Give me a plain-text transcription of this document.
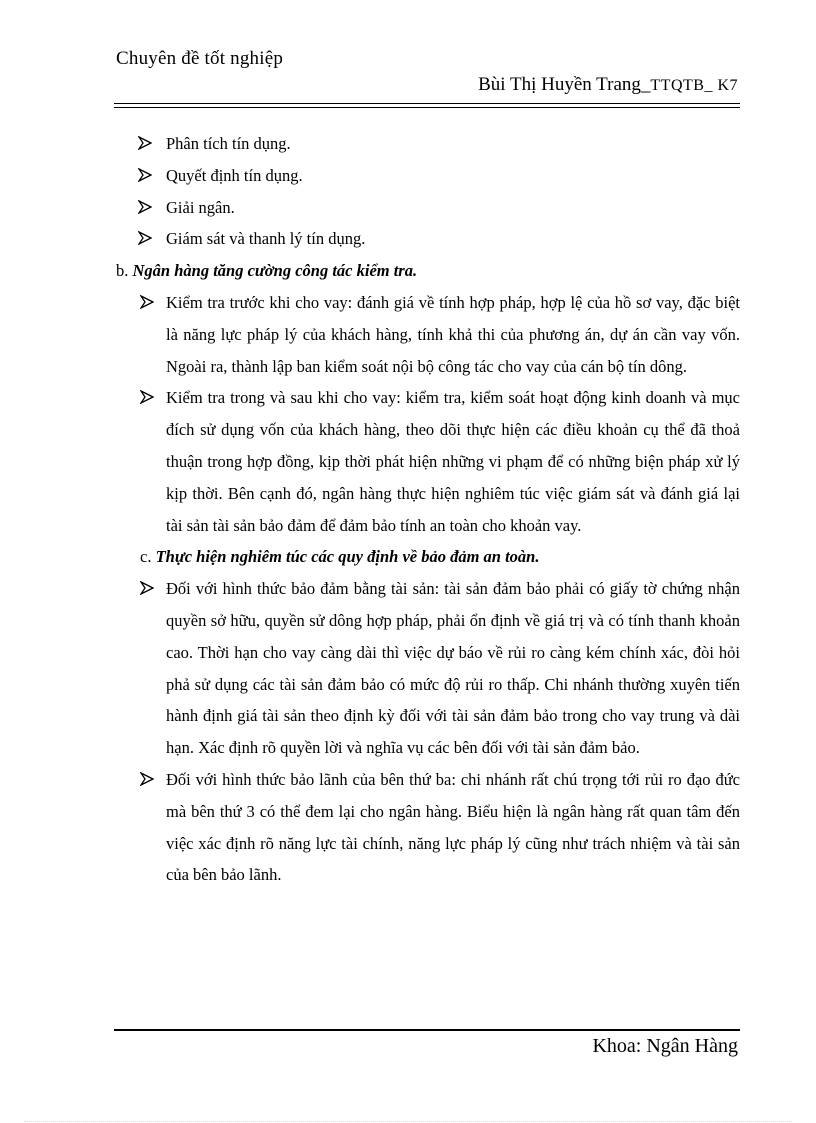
Chuyên đề tốt nghiệp
Bùi Thị Huyền Trang_TTQTB_ K7
Phân tích tín dụng.
Quyết định tín dụng.
Giải ngân.
Giám sát và thanh lý tín dụng.
b. Ngân hàng tăng cường công tác kiểm tra.
Kiểm tra trước khi cho vay: đánh giá về tính hợp pháp, hợp lệ của hồ sơ vay, đặc biệt là năng lực pháp lý của khách hàng, tính khả thi của phương án, dự án cần vay vốn. Ngoài ra, thành lập ban kiểm soát nội bộ công tác cho vay của cán bộ tín dông.
Kiểm tra trong và sau khi cho vay: kiểm tra, kiểm soát hoạt động kinh doanh và mục đích sử dụng vốn của khách hàng, theo dõi thực hiện các điều khoản cụ thể đã thoả thuận trong hợp đồng, kịp thời phát hiện những vi phạm để có những biện pháp xử lý kịp thời. Bên cạnh đó, ngân hàng thực hiện nghiêm túc việc giám sát và đánh giá lại tài sản tài sản bảo đảm để đảm bảo tính an toàn cho khoản vay.
c. Thực hiện nghiêm túc các quy định về bảo đảm an toàn.
Đối với hình thức bảo đảm bằng tài sản: tài sản đảm bảo phải có giấy tờ chứng nhận quyền sở hữu, quyền sử dông hợp pháp, phải ổn định về giá trị và có tính thanh khoản cao. Thời hạn cho vay càng dài thì việc dự báo về rủi ro càng kém chính xác, đòi hỏi phả sử dụng các tài sản đảm bảo có mức độ rủi ro thấp. Chi nhánh thường xuyên tiến hành định giá tài sản theo định kỳ đối với tài sản đảm bảo trong cho vay trung và dài hạn. Xác định rõ quyền lời và nghĩa vụ các bên đối với tài sản đảm bảo.
Đối với hình thức bảo lãnh của bên thứ ba: chi nhánh rất chú trọng tới rủi ro đạo đức mà bên thứ 3 có thể đem lại cho ngân hàng. Biểu hiện là ngân hàng rất quan tâm đến việc xác định rõ năng lực tài chính, năng lực pháp lý cũng như trách nhiệm và tài sản của bên bảo lãnh.
Khoa: Ngân Hàng
